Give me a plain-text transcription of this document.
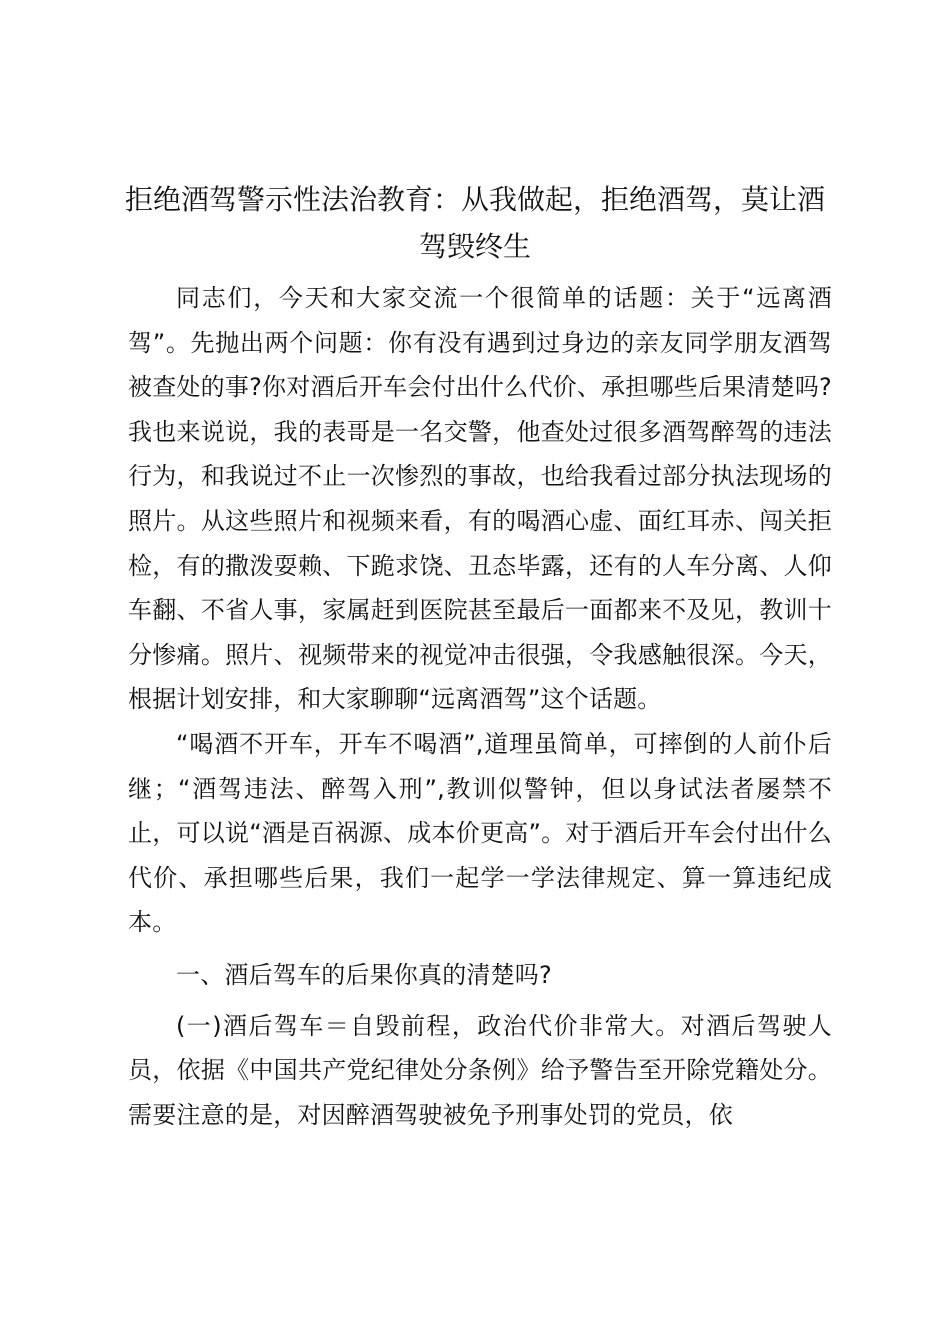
拒绝酒驾警示性法治教育：从我做起，拒绝酒驾，莫让酒驾毁终生

同志们，今天和大家交流一个很简单的话题：关于“远离酒驾”。先抛出两个问题：你有没有遇到过身边的亲友同学朋友酒驾被查处的事?你对酒后开车会付出什么代价、承担哪些后果清楚吗?我也来说说，我的表哥是一名交警，他查处过很多酒驾醉驾的违法行为，和我说过不止一次惨烈的事故，也给我看过部分执法现场的照片。从这些照片和视频来看，有的喝酒心虚、面红耳赤、闯关拒检，有的撒泼耍赖、下跪求饶、丑态毕露，还有的人车分离、人仰车翻、不省人事，家属赶到医院甚至最后一面都来不及见，教训十分惨痛。照片、视频带来的视觉冲击很强，令我感触很深。今天，根据计划安排，和大家聊聊“远离酒驾”这个话题。

“喝酒不开车，开车不喝酒”,道理虽简单，可摔倒的人前仆后继；“酒驾违法、醉驾入刑”,教训似警钟，但以身试法者屡禁不止，可以说“酒是百祸源、成本价更高”。对于酒后开车会付出什么代价、承担哪些后果，我们一起学一学法律规定、算一算违纪成本。

一、酒后驾车的后果你真的清楚吗?

(一)酒后驾车＝自毁前程，政治代价非常大。对酒后驾驶人员，依据《中国共产党纪律处分条例》给予警告至开除党籍处分。需要注意的是，对因醉酒驾驶被免予刑事处罚的党员，依
